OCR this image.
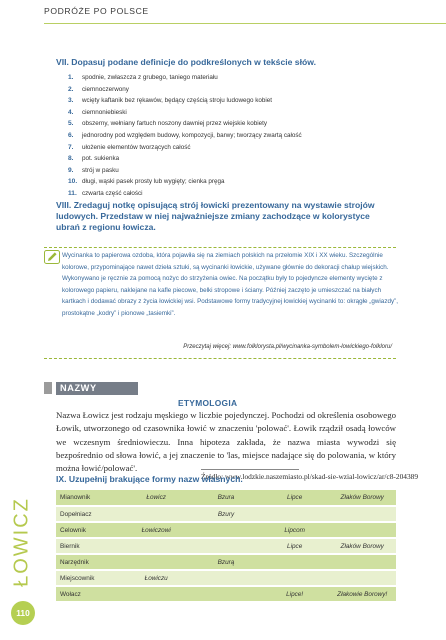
PODRÓŻE PO POLSCE
VII. Dopasuj podane definicje do podkreślonych w tekście słów.
1. spodnie, zwłaszcza z grubego, taniego materiału
2. ciemnoczerwony
3. wcięty kaftanik bez rękawów, będący częścią stroju ludowego kobiet
4. ciemnoniebieski
5. obszerny, wełniany fartuch noszony dawniej przez wiejskie kobiety
6. jednorodny pod względem budowy, kompozycji, barwy; tworzący zwartą całość
7. ułożenie elementów tworzących całość
8. pot. sukienka
9. strój w pasku
10. długi, wąski pasek prosty lub wygięty; cienka pręga
11. czwarta część całości
VIII. Zredaguj notkę opisującą strój łowicki prezentowany na wystawie strojów ludowych. Przedstaw w niej najważniejsze zmiany zachodzące w kolorystyce ubrań z regionu łowicza.
Wycinanka to papierowa ozdoba, która pojawiła się na ziemiach polskich na przełomie XIX i XX wieku. Szczególnie kolorowe, przypominające nawet dzieła sztuki, są wycinanki łowickie, używane głównie do dekoracji chałup wiejskich. Wykonywano je ręcznie za pomocą nożyc do strzyżenia owiec. Na początku były to pojedyncze elementy wycięte z kolorowego papieru, naklejane na kafle piecowe, belki stropowe i ściany. Później zaczęto je umieszczać na białych kartkach i dodawać obrazy z życia łowickiej wsi. Podstawowe formy tradycyjnej łowickiej wycinanki to: okrągłe „gwiazdy”, prostokątne „kodry” i pionowe „tasiemki”.
Przeczytaj więcej: www.folklorysta.pl/wycinanka-symbolem-lowickiego-folkloru/
NAZWY WŁASNE	ETYMOLOGIA
Nazwa Łowicz jest rodzaju męskiego w liczbie pojedynczej. Pochodzi od określenia osobowego Łowik, utworzonego od czasownika łowić w znaczeniu 'polować'. Łowik rządził osadą łowców we wczesnym średniowieczu. Inna hipoteza zakłada, że nazwa miasta wywodzi się bezpośrednio od słowa łowić, a jej znaczenie to 'las, miejsce nadające się do polowania, w który można łowić/polować'.
Źródło: www.lodzkie.naszemiasto.pl/skad-sie-wzial-lowicz/ar/c8-204389
IX. Uzupełnij brakujące formy nazw własnych.
Mianownik	Łowicz	Bzura	Lipce	Złaków Borowy
Dopełniacz		Bzury		
Celownik	Łowiczowi		Lipcom	
Biernik			Lipce	Złaków Borowy
Narzędnik		Bzurą		
Miejscownik	Łowiczu			
Wołacz			Lipce!	Złakowie Borowy!
ŁOWICZ
110
